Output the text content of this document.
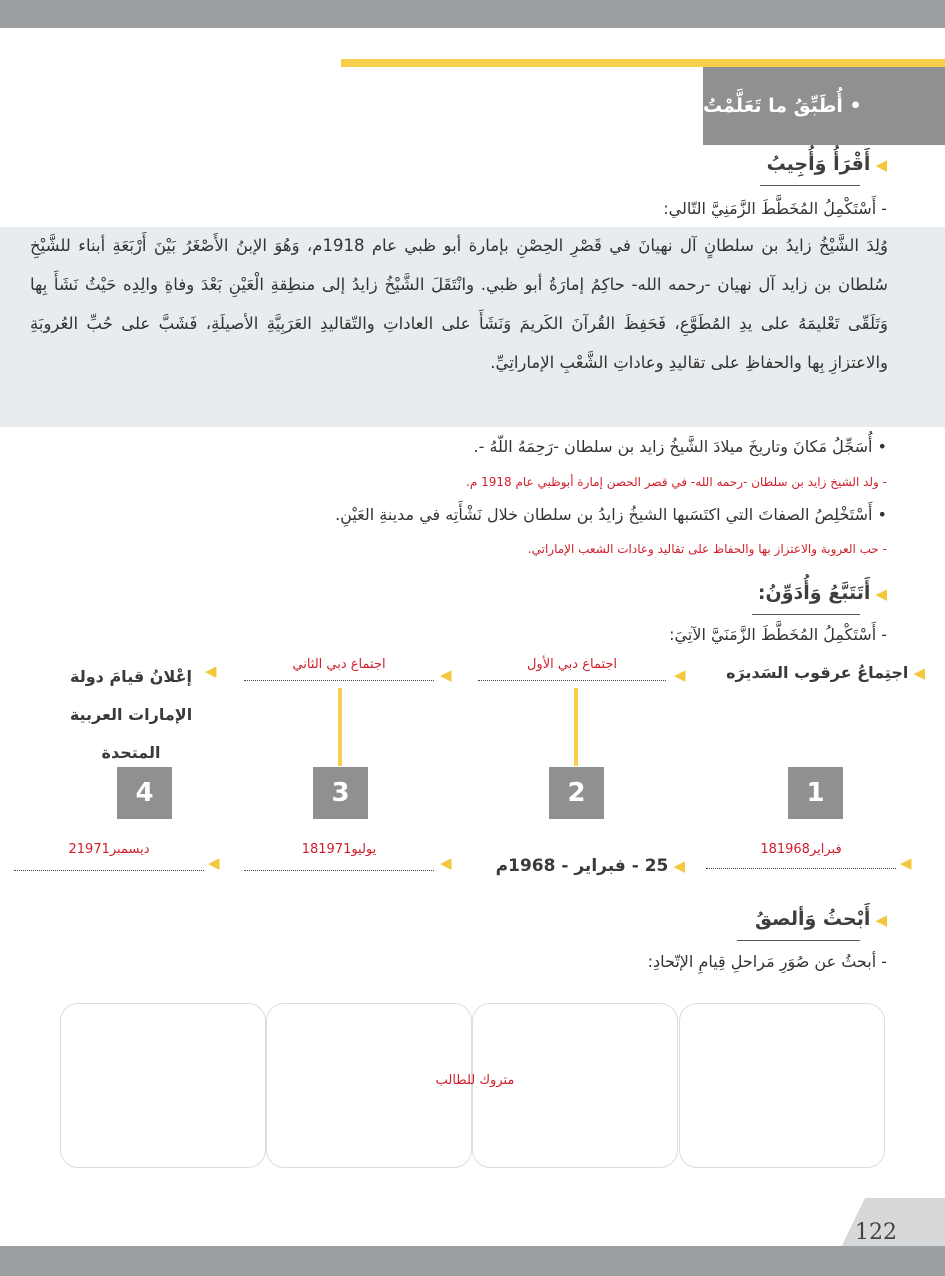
• أُطَبِّقُ ما تَعَلَّمْتُ
◀ أَقْرَأُ وَأُجِيبُ
- أَسْتَكْمِلُ المُخَطَّطَ الزَّمَنِيَّ التّالي:
وُلِدَ الشَّيْخُ زايدُ بن سلطانٍ آل نهيانَ في قَصْرِ الحِصْنِ بإمارة أبو ظبي عام 1918م، وَهُوَ الإبنُ الأَصْغَرُ بَيْنَ أَرْبَعَةِ أبناء للشَّيْخِ سُلطان بن زايد آل نهيان -رحمه الله- حاكِمُ إمارَةُ أبو ظبي. وانْتَقَلَ الشَّيْخُ زايدُ إلى منطِقةِ الْعَيْنِ بَعْدَ وفاةِ والِدِه حَيْثُ نَشَأَ بِها وَتَلَقّى تَعْليمَهُ على يدِ المُطَوَّعِ، فَحَفِظَ القُرآنَ الكَريمَ وَنَشَأَ على العاداتِ والتّقاليدِ العَرَبِيَّةِ الأصيلَةِ، فَشَبَّ على حُبِّ العُروبَةِ والاعتزازِ بِها والحفاظِ على تقاليدِ وعاداتِ الشَّعْبِ الإماراتِيِّ.
• أُسَجِّلُ مَكانَ وتاريخَ ميلادَ الشَّيخُ زايد بن سلطان -رَحِمَهُ اللّهُ -.
- ولد الشيخ زايد بن سلطان -رحمه الله- في قصر الحصن إمارة أبوظبي عام 1918 م.
• أَسْتَخْلِصُ الصفاتَ التي اكتَسَبها الشيخُ زايدُ بن سلطان خلال نَشْأَتِه في مدينةِ العَيْنِ.
- حب العروبة والاعتزاز بها والحفاظ على تقاليد وعادات الشعب الإماراتي.
◀ أَتَتَبَّعُ وَأُدَوِّنُ:
- أَسْتَكْمِلُ المُخَطَّطَ الزَّمَنَيَّ الآتِيَ:
◀ اجتِماعُ عرقوب السَديرَه
◀
اجتماع دبي الأول
◀
اجتماع دبي الثاني
◀
إعْلانُ قيامَ دولة الإمارات العربية المتحدة
1
2
3
4
◀
18فبراير1968
◀ 25 - فبراير - 1968م
◀
18يوليو1971
◀
2ديسمبر1971
◀ أَبْحثُ وَألصقُ
- أبحثُ عن صُوَرِ مَراحلِ قِيامِ الإتّحادِ:
متروك للطالب
122
